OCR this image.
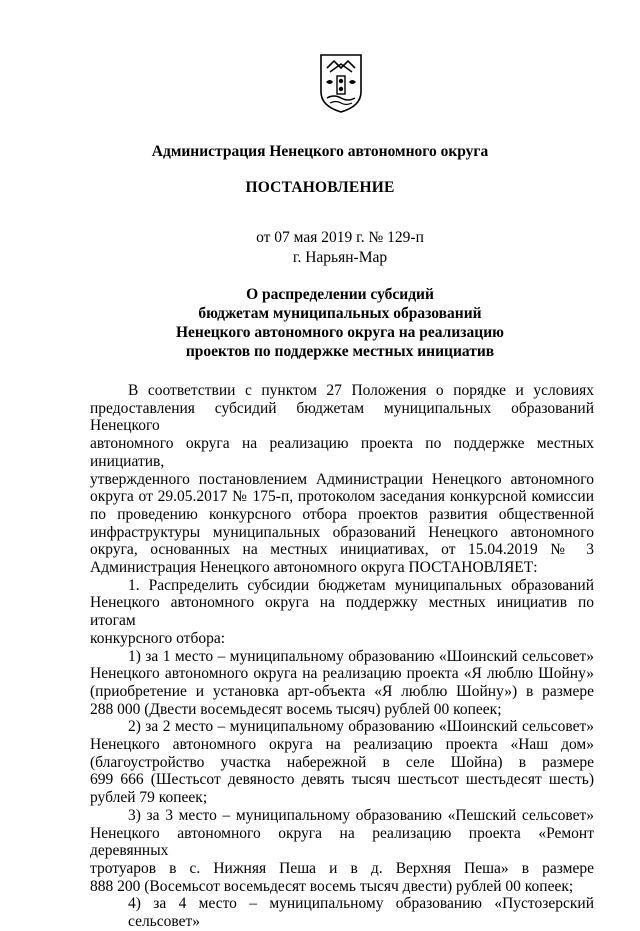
Администрация Ненецкого автономного округа
ПОСТАНОВЛЕНИЕ
от 07 мая 2019 г. № 129-п
г. Нарьян-Мар
О распределении субсидий
бюджетам муниципальных образований
Ненецкого автономного округа на реализацию
проектов по поддержке местных инициатив
В соответствии с пунктом 27 Положения о порядке и условиях
предоставления субсидий бюджетам муниципальных образований Ненецкого
автономного округа на реализацию проекта по поддержке местных инициатив,
утвержденного постановлением Администрации Ненецкого автономного
округа от 29.05.2017 № 175-п, протоколом заседания конкурсной комиссии
по проведению конкурсного отбора проектов развития общественной
инфраструктуры муниципальных образований Ненецкого автономного
округа, основанных на местных инициативах, от 15.04.2019 № 3
Администрация Ненецкого автономного округа ПОСТАНОВЛЯЕТ:
1. Распределить субсидии бюджетам муниципальных образований
Ненецкого автономного округа на поддержку местных инициатив по итогам
конкурсного отбора:
1) за 1 место – муниципальному образованию «Шоинский сельсовет»
Ненецкого автономного округа на реализацию проекта «Я люблю Шойну»
(приобретение и установка арт-объекта «Я люблю Шойну») в размере
288 000 (Двести восемьдесят восемь тысяч) рублей 00 копеек;
2) за 2 место – муниципальному образованию «Шоинский сельсовет»
Ненецкого автономного округа на реализацию проекта «Наш дом»
(благоустройство участка набережной в селе Шойна) в размере
699 666 (Шестьсот девяносто девять тысяч шестьсот шестьдесят шесть)
рублей 79 копеек;
3) за 3 место – муниципальному образованию «Пешский сельсовет»
Ненецкого автономного округа на реализацию проекта «Ремонт деревянных
тротуаров в с. Нижняя Пеша и в д. Верхняя Пеша» в размере
888 200 (Восемьсот восемьдесят восемь тысяч двести) рублей 00 копеек;
4) за 4 место – муниципальному образованию «Пустозерский сельсовет»
